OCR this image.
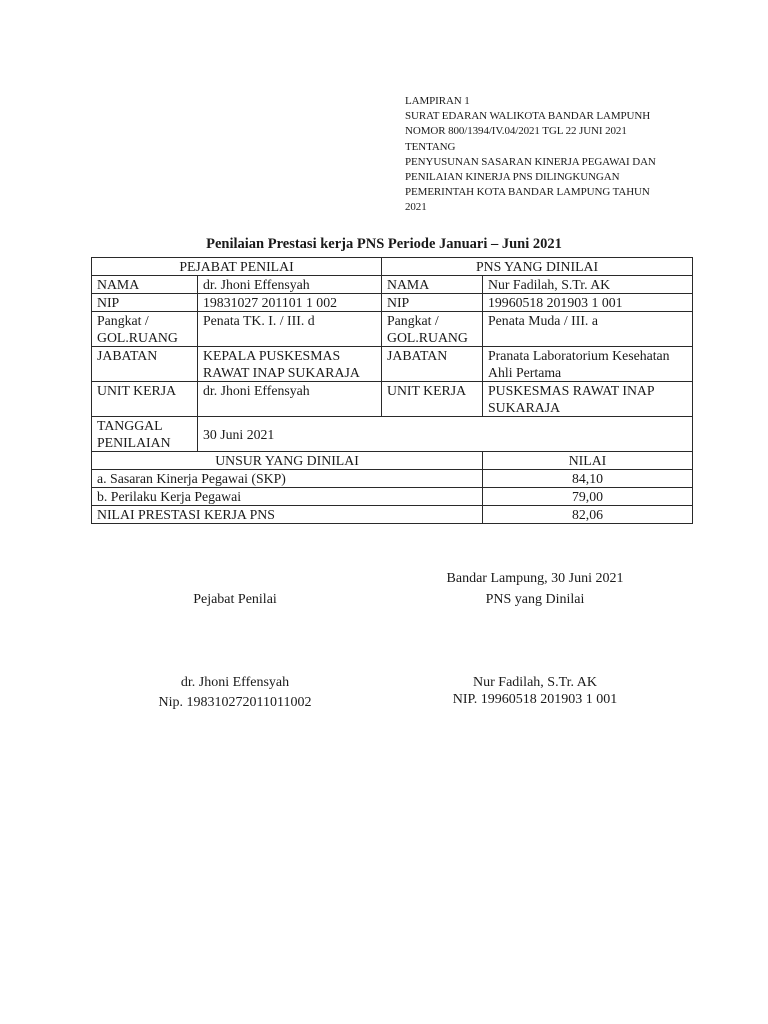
LAMPIRAN 1
SURAT EDARAN WALIKOTA BANDAR LAMPUNH
NOMOR 800/1394/IV.04/2021 TGL 22 JUNI 2021
TENTANG
PENYUSUNAN SASARAN KINERJA PEGAWAI DAN
PENILAIAN KINERJA PNS DILINGKUNGAN
PEMERINTAH KOTA BANDAR LAMPUNG TAHUN
2021
Penilaian Prestasi kerja PNS Periode Januari – Juni 2021
PEJABAT PENILAI		PNS YANG DINILAI	
NAMA	dr. Jhoni Effensyah	NAMA	Nur Fadilah, S.Tr. AK
NIP	19831027 201101 1 002	NIP	19960518 201903 1 001
Pangkat / GOL.RUANG	Penata TK. I. / III. d	Pangkat / GOL.RUANG	Penata Muda / III. a
JABATAN	KEPALA PUSKESMAS RAWAT INAP SUKARAJA	JABATAN	Pranata Laboratorium Kesehatan Ahli Pertama
UNIT KERJA	dr. Jhoni Effensyah	UNIT KERJA	PUSKESMAS RAWAT INAP SUKARAJA
TANGGAL PENILAIAN	30 Juni 2021		
UNSUR YANG DINILAI			NILAI
a. Sasaran Kinerja Pegawai (SKP)			84,10
b. Perilaku Kerja Pegawai			79,00
NILAI PRESTASI KERJA PNS			82,06
Bandar Lampung, 30 Juni 2021
Pejabat Penilai	PNS yang Dinilai
dr. Jhoni Effensyah
Nip. 198310272011011002
Nur Fadilah, S.Tr. AK
NIP. 19960518 201903 1 001
